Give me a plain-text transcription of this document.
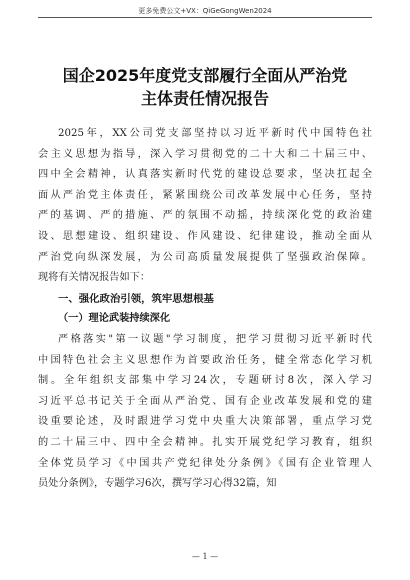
更多免费公文+VX：QiGeGongWen2024
国企2025年度党支部履行全面从严治党
主体责任情况报告
2025年，XX公司党支部坚持以习近平新时代中国特色社
会主义思想为指导，深入学习贯彻党的二十大和二十届三中、
四中全会精神，认真落实新时代党的建设总要求，坚决扛起全
面从严治党主体责任，紧紧围绕公司改革发展中心任务，坚持
严的基调、严的措施、严的氛围不动摇，持续深化党的政治建
设、思想建设、组织建设、作风建设、纪律建设，推动全面从
严治党向纵深发展，为公司高质量发展提供了坚强政治保障。
现将有关情况报告如下：
一、强化政治引领，筑牢思想根基
（一）理论武装持续深化
严格落实"第一议题"学习制度，把学习贯彻习近平新时代
中国特色社会主义思想作为首要政治任务，健全常态化学习机
制。全年组织支部集中学习24次，专题研讨8次，深入学习
习近平总书记关于全面从严治党、国有企业改革发展和党的建
设重要论述，及时跟进学习党中央重大决策部署，重点学习党
的二十届三中、四中全会精神。扎实开展党纪学习教育，组织
全体党员学习《中国共产党纪律处分条例》《国有企业管理人
员处分条例》，专题学习6次，撰写学习心得32篇，知
— 1 —
